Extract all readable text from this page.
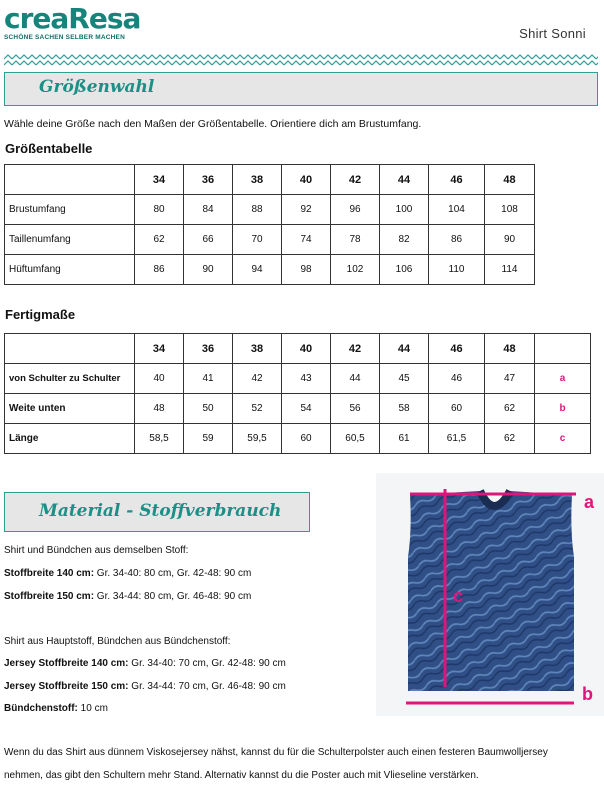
creaResa
SCHÖNE SACHEN SELBER MACHEN	Shirt Sonni
Größenwahl
Wähle deine Größe nach den Maßen der Größentabelle. Orientiere dich am Brustumfang.
Größentabelle
	34	36	38	40	42	44	46	48
Brustumfang	80	84	88	92	96	100	104	108
Taillenumfang	62	66	70	74	78	82	86	90
Hüftumfang	86	90	94	98	102	106	110	114
Fertigmaße
	34	36	38	40	42	44	46	48	
von Schulter zu Schulter	40	41	42	43	44	45	46	47	a
Weite unten	48	50	52	54	56	58	60	62	b
Länge	58,5	59	59,5	60	60,5	61	61,5	62	c
Material - Stoffverbrauch
Shirt und Bündchen aus demselben Stoff:
Stoffbreite 140 cm: Gr. 34-40: 80 cm, Gr. 42-48: 90 cm
Stoffbreite 150 cm: Gr. 34-44: 80 cm, Gr. 46-48: 90 cm
Shirt aus Hauptstoff, Bündchen aus Bündchenstoff:
Jersey Stoffbreite 140 cm: Gr. 34-40: 70 cm, Gr. 42-48: 90 cm
Jersey Stoffbreite 150 cm: Gr. 34-44: 70 cm, Gr. 46-48: 90 cm
Bündchenstoff: 10 cm
a
b
c
Wenn du das Shirt aus dünnem Viskosejersey nähst, kannst du für die Schulterpolster auch einen festeren Baumwolljersey
nehmen, das gibt den Schultern mehr Stand. Alternativ kannst du die Poster auch mit Vlieseline verstärken.
